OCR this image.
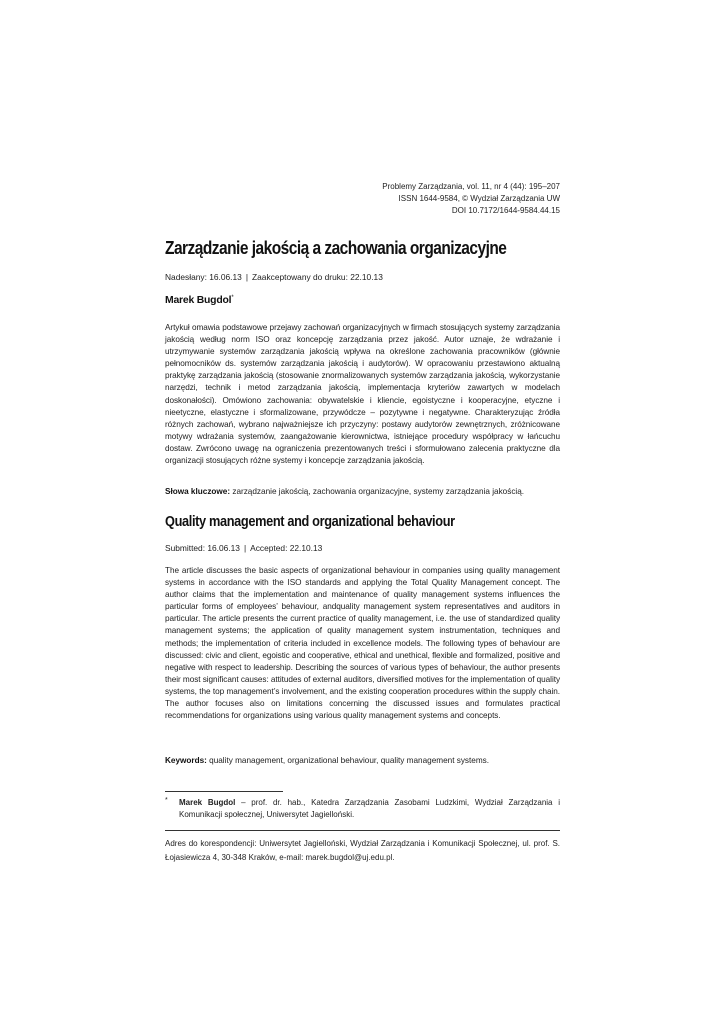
Problemy Zarządzania, vol. 11, nr 4 (44): 195–207
ISSN 1644-9584, © Wydział Zarządzania UW
DOI 10.7172/1644-9584.44.15
Zarządzanie jakością a zachowania organizacyjne
Nadesłany: 16.06.13 | Zaakceptowany do druku: 22.10.13
Marek Bugdol*

Artykuł omawia podstawowe przejawy zachowań organizacyjnych w firmach stosujących systemy zarządzania jakością według norm ISO oraz koncepcję zarządzania przez jakość. Autor uznaje, że wdrażanie i utrzymywanie systemów zarządzania jakością wpływa na określone zachowania pracowników (głównie pełnomocników ds. systemów zarządzania jakością i audytorów). W opracowaniu przestawiono aktualną praktykę zarządzania jakością (stosowanie znormalizowanych systemów zarządzania jakością, wykorzystanie narzędzi, technik i metod zarządzania jakością, implementacja kryteriów zawartych w modelach doskonałości). Omówiono zachowania: obywatelskie i kliencie, egoistyczne i kooperacyjne, etyczne i nieetyczne, elastyczne i sformalizowane, przywódcze – pozytywne i negatywne. Charakteryzując źródła różnych zachowań, wybrano najważniejsze ich przyczyny: postawy audytorów zewnętrznych, zróżnicowane motywy wdrażania systemów, zaangażowanie kierownictwa, istniejące procedury współpracy w łańcuchu dostaw. Zwrócono uwagę na ograniczenia prezentowanych treści i sformułowano zalecenia praktyczne dla organizacji stosujących różne systemy i koncepcje zarządzania jakością.

Słowa kluczowe: zarządzanie jakością, zachowania organizacyjne, systemy zarządzania jakością.
Quality management and organizational behaviour
Submitted: 16.06.13 | Accepted: 22.10.13

The article discusses the basic aspects of organizational behaviour in companies using quality management systems in accordance with the ISO standards and applying the Total Quality Management concept. The author claims that the implementation and maintenance of quality management systems influences the particular forms of employees’ behaviour, andquality management system representatives and auditors in particular. The article presents the current practice of quality management, i.e. the use of standardized quality management systems; the application of quality management system instrumentation, techniques and methods; the implementation of criteria included in excellence models. The following types of behaviour are discussed: civic and client, egoistic and cooperative, ethical and unethical, flexible and formalized, positive and negative with respect to leadership. Describing the sources of various types of behaviour, the author presents their most significant causes: attitudes of external auditors, diversified motives for the implementation of quality systems, the top management’s involvement, and the existing cooperation procedures within the supply chain. The author focuses also on limitations concerning the discussed issues and formulates practical recommendations for organizations using various quality management systems and concepts.

Keywords: quality management, organizational behaviour, quality management systems.
* Marek Bugdol – prof. dr. hab., Katedra Zarządzania Zasobami Ludzkimi, Wydział Zarządzania i Komunikacji społecznej, Uniwersytet Jagielloński.
Adres do korespondencji: Uniwersytet Jagielloński, Wydział Zarządzania i Komunikacji Społecznej, ul. prof. S. Łojasiewicza 4, 30-348 Kraków, e-mail: marek.bugdol@uj.edu.pl.
